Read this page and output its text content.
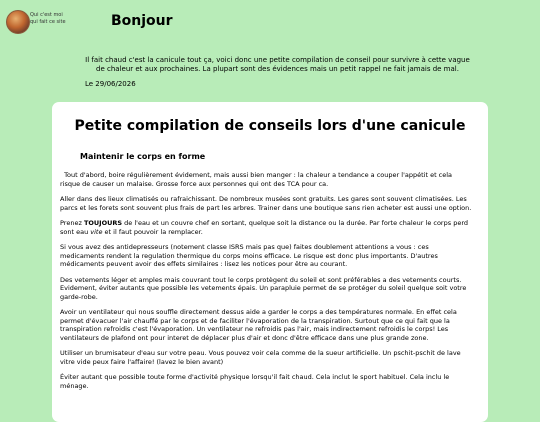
Qui c'est moi qui fait ce site	Bonjour
Il fait chaud c'est la canicule tout ça, voici donc une petite compilation de conseil pour survivre à cette vague de chaleur et aux prochaines. La plupart sont des évidences mais un petit rappel ne fait jamais de mal.
Le 29/06/2026
Petite compilation de conseils lors d'une canicule
Maintenir le corps en forme

Tout d'abord, boire régulièrement évidement, mais aussi bien manger : la chaleur a tendance a couper l'appétit et cela risque de causer un malaise. Grosse force aux personnes qui ont des TCA pour ca.

Aller dans des lieux climatisés ou rafraichissant. De nombreux musées sont gratuits. Les gares sont souvent climatisées. Les parcs et les forets sont souvent plus frais de part les arbres. Trainer dans une boutique sans rien acheter est aussi une option.

Prenez TOUJOURS de l'eau et un couvre chef en sortant, quelque soit la distance ou la durée. Par forte chaleur le corps perd sont eau vite et il faut pouvoir la remplacer.

Si vous avez des antidepresseurs (notement classe ISRS mais pas que) faites doublement attentions a vous : ces medicaments rendent la regulation thermique du corps moins efficace. Le risque est donc plus importants. D'autres médicaments peuvent avoir des effets similaires : lisez les notices pour être au courant.

Des vetements léger et amples mais couvrant tout le corps protègent du soleil et sont préférables a des vetements courts. Evidement, éviter autants que possible les vetements épais. Un parapluie permet de se protéger du soleil quelque soit votre garde-robe.

Avoir un ventilateur qui nous souffle directement dessus aide a garder le corps a des températures normale. En effet cela permet d'évacuer l'air chauffé par le corps et de faciliter l'évaporation de la transpiration. Surtout que ce qui fait que la transpiration refroidis c'est l'évaporation. Un ventilateur ne refroidis pas l'air, mais indirectement refroidis le corps! Les ventilateurs de plafond ont pour interet de déplacer plus d'air et donc d'être efficace dans une plus grande zone.

Utiliser un brumisateur d'eau sur votre peau. Vous pouvez voir cela comme de la sueur artificielle. Un pschit-pschit de lave vitre vide peux faire l'affaire! (lavez le bien avant)

Éviter autant que possible toute forme d'activité physique lorsqu'il fait chaud. Cela inclut le sport habituel. Cela inclu le ménage.
